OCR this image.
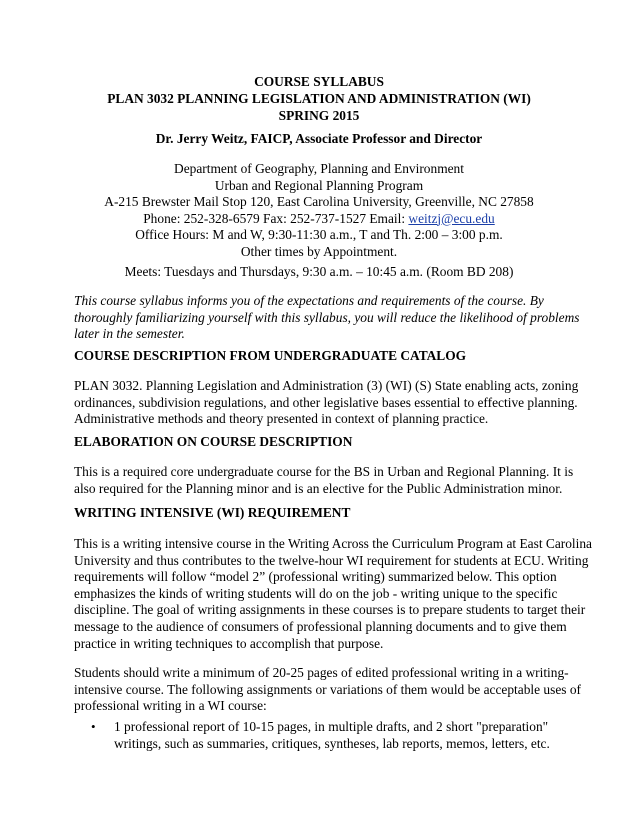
COURSE SYLLABUS
PLAN 3032 PLANNING LEGISLATION AND ADMINISTRATION (WI)
SPRING 2015
Dr. Jerry Weitz, FAICP, Associate Professor and Director
Department of Geography, Planning and Environment
Urban and Regional Planning Program
A-215 Brewster Mail Stop 120, East Carolina University, Greenville, NC 27858
Phone: 252-328-6579 Fax: 252-737-1527 Email: weitzj@ecu.edu
Office Hours: M and W, 9:30-11:30 a.m., T and Th. 2:00 – 3:00 p.m.
Other times by Appointment.
Meets: Tuesdays and Thursdays, 9:30 a.m. – 10:45 a.m. (Room BD 208)
This course syllabus informs you of the expectations and requirements of the course. By
thoroughly familiarizing yourself with this syllabus, you will reduce the likelihood of problems
later in the semester.
COURSE DESCRIPTION FROM UNDERGRADUATE CATALOG
PLAN 3032. Planning Legislation and Administration (3) (WI) (S) State enabling acts, zoning
ordinances, subdivision regulations, and other legislative bases essential to effective planning.
Administrative methods and theory presented in context of planning practice.
ELABORATION ON COURSE DESCRIPTION
This is a required core undergraduate course for the BS in Urban and Regional Planning. It is
also required for the Planning minor and is an elective for the Public Administration minor.
WRITING INTENSIVE (WI) REQUIREMENT
This is a writing intensive course in the Writing Across the Curriculum Program at East Carolina
University and thus contributes to the twelve-hour WI requirement for students at ECU. Writing
requirements will follow “model 2” (professional writing) summarized below. This option
emphasizes the kinds of writing students will do on the job - writing unique to the specific
discipline. The goal of writing assignments in these courses is to prepare students to target their
message to the audience of consumers of professional planning documents and to give them
practice in writing techniques to accomplish that purpose.
Students should write a minimum of 20-25 pages of edited professional writing in a writing-
intensive course. The following assignments or variations of them would be acceptable uses of
professional writing in a WI course:
• 1 professional report of 10-15 pages, in multiple drafts, and 2 short "preparation"
writings, such as summaries, critiques, syntheses, lab reports, memos, letters, etc.
